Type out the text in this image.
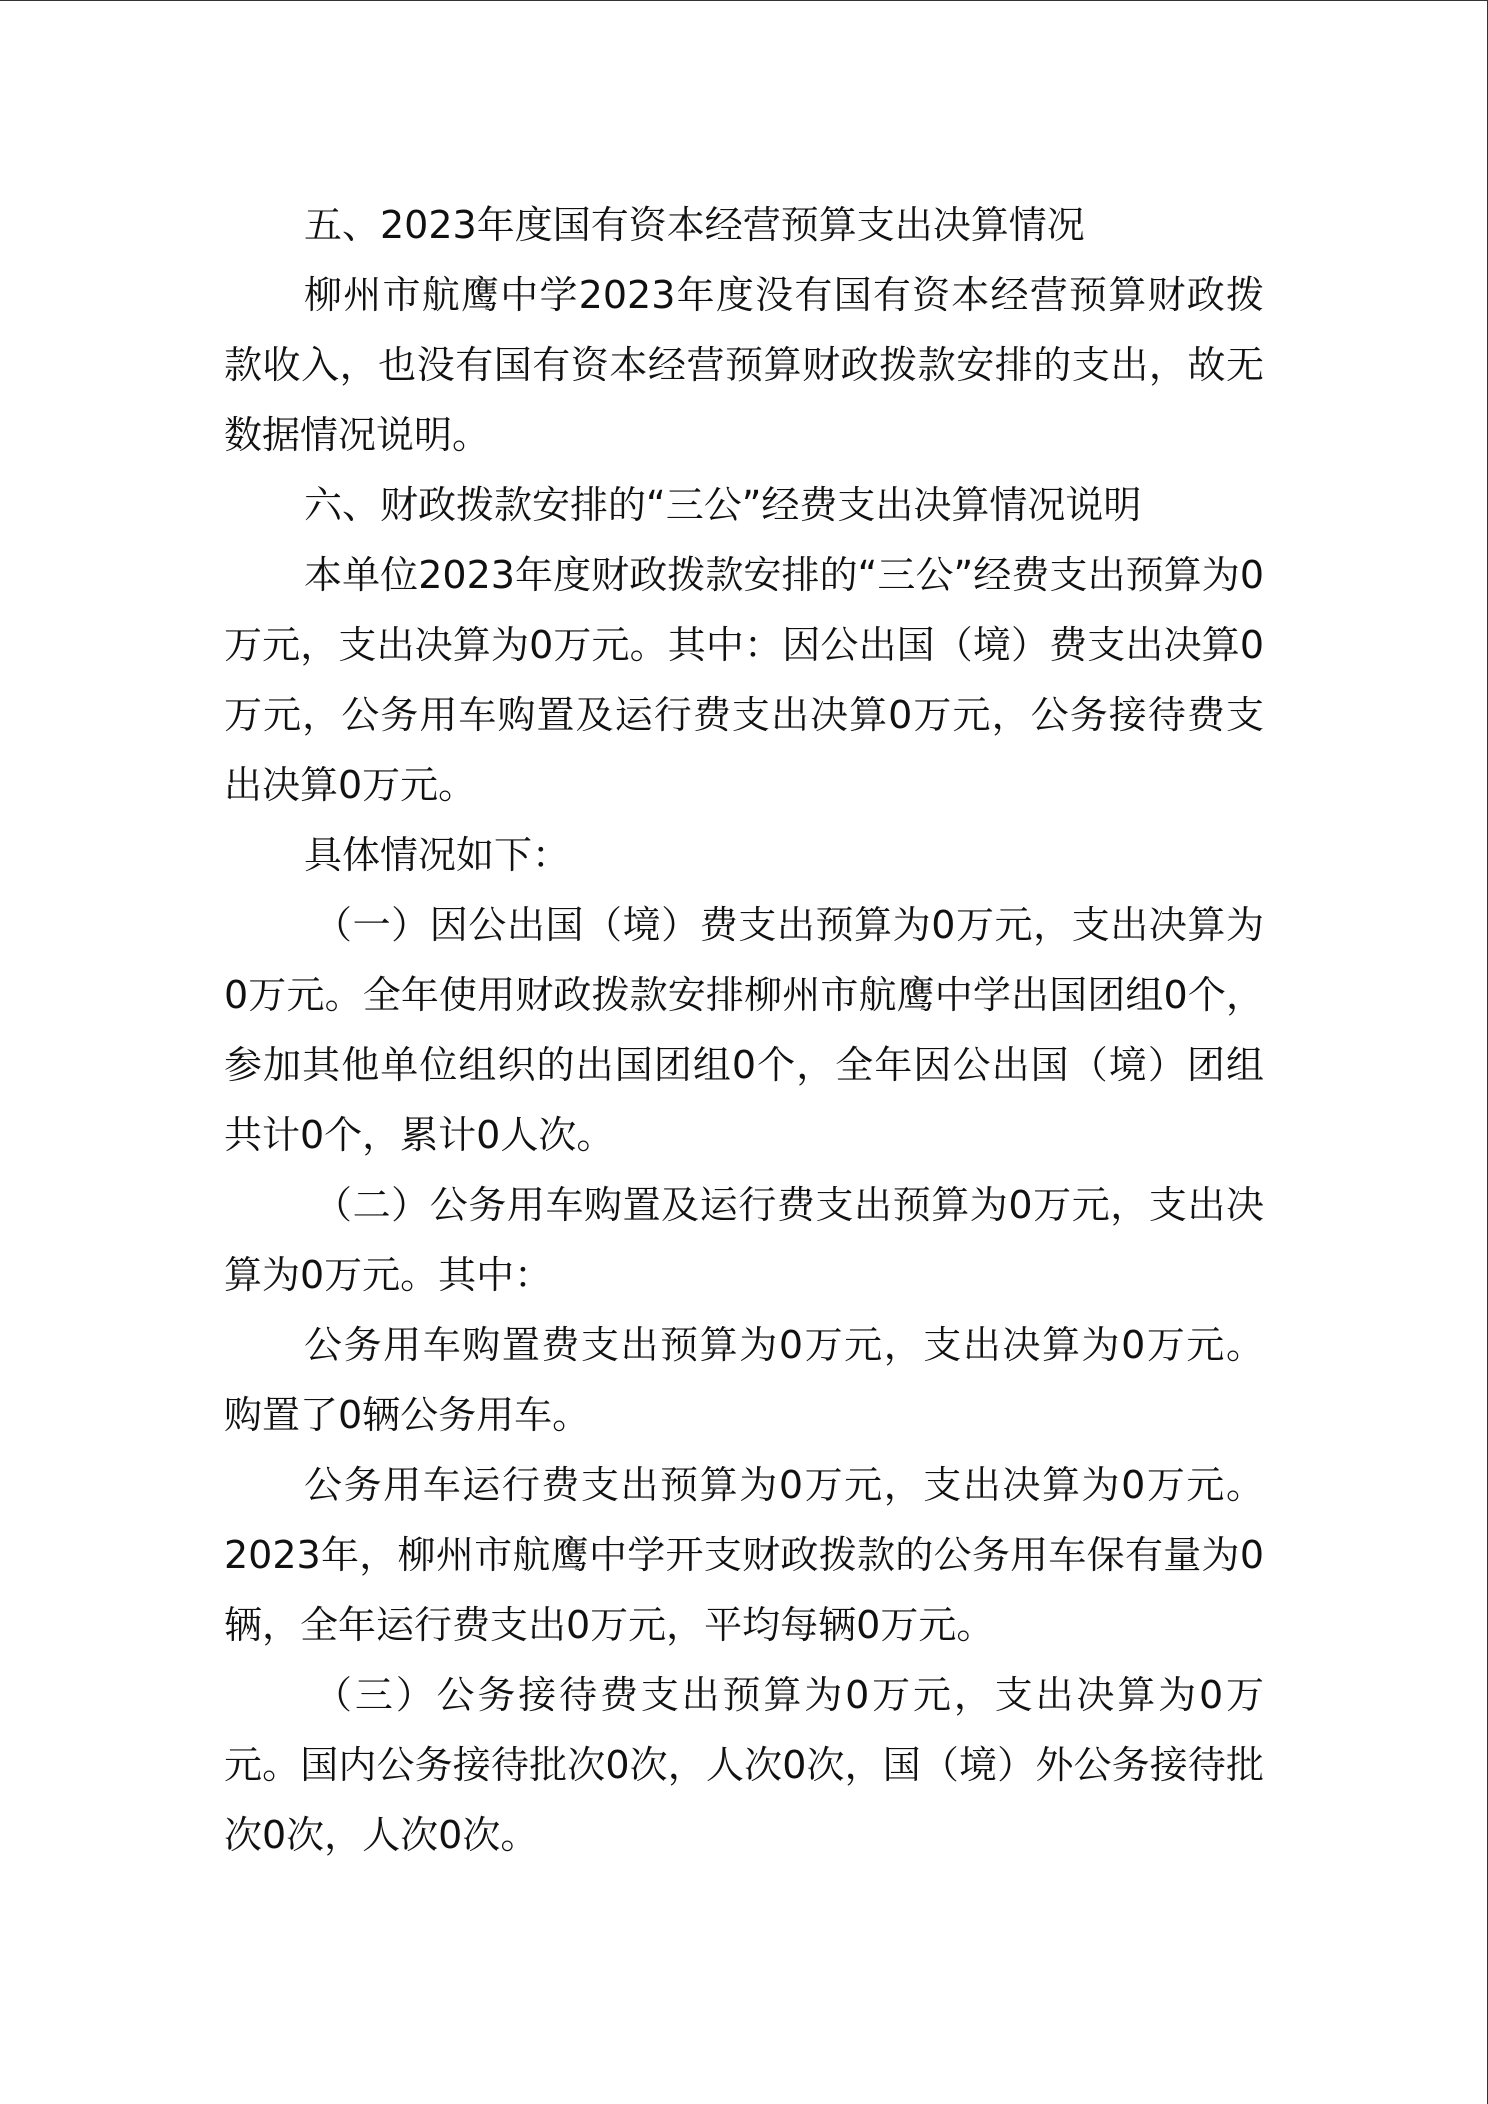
五、2023年度国有资本经营预算支出决算情况

柳州市航鹰中学2023年度没有国有资本经营预算财政拨款收入，也没有国有资本经营预算财政拨款安排的支出，故无数据情况说明。

六、财政拨款安排的“三公”经费支出决算情况说明

本单位2023年度财政拨款安排的“三公”经费支出预算为0万元，支出决算为0万元。其中：因公出国（境）费支出决算0万元，公务用车购置及运行费支出决算0万元，公务接待费支出决算0万元。

具体情况如下：

（一）因公出国（境）费支出预算为0万元，支出决算为0万元。全年使用财政拨款安排柳州市航鹰中学出国团组0个，参加其他单位组织的出国团组0个，全年因公出国（境）团组共计0个，累计0人次。

（二）公务用车购置及运行费支出预算为0万元，支出决算为0万元。其中：

公务用车购置费支出预算为0万元，支出决算为0万元。购置了0辆公务用车。

公务用车运行费支出预算为0万元，支出决算为0万元。2023年，柳州市航鹰中学开支财政拨款的公务用车保有量为0辆，全年运行费支出0万元，平均每辆0万元。

（三）公务接待费支出预算为0万元，支出决算为0万元。国内公务接待批次0次，人次0次，国（境）外公务接待批次0次，人次0次。
